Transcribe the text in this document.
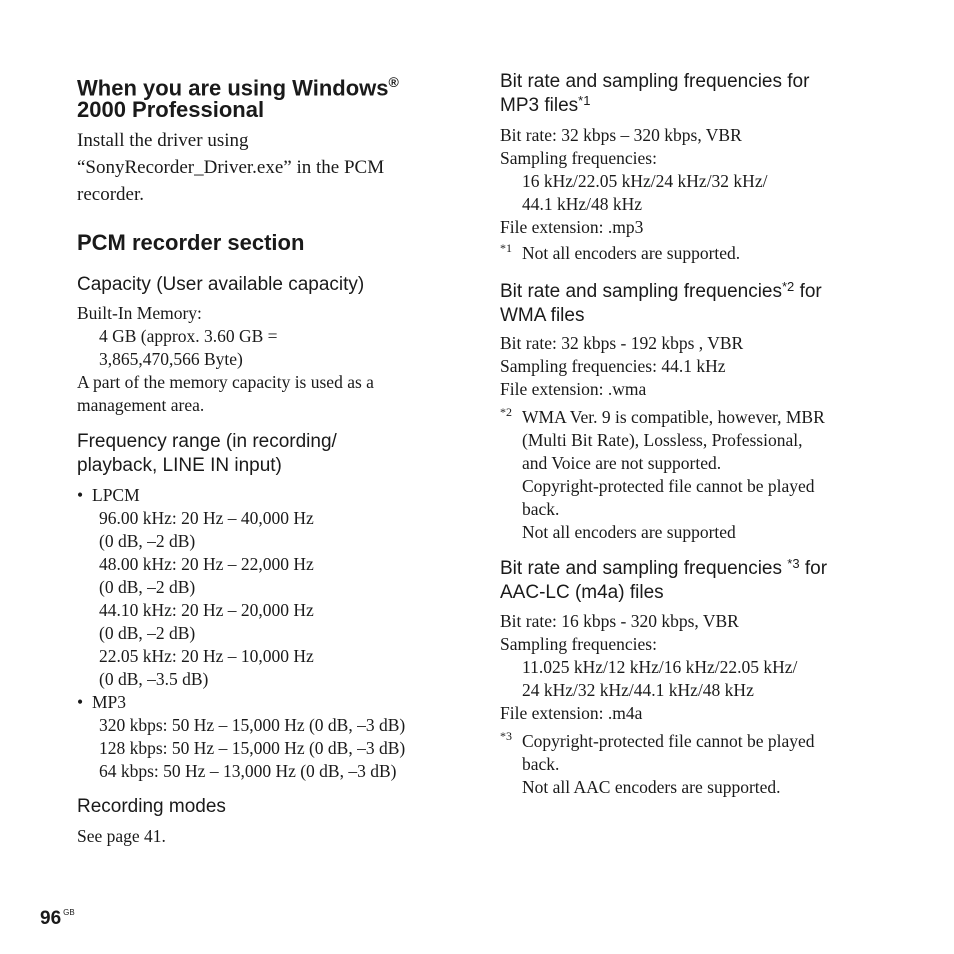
When you are using Windows®
2000 Professional
Install the driver using
“SonyRecorder_Driver.exe” in the PCM
recorder.
PCM recorder section
Capacity (User available capacity)
Built-In Memory:
4 GB (approx. 3.60 GB =
3,865,470,566 Byte)
A part of the memory capacity is used as a
management area.
Frequency range (in recording/
playback, LINE IN input)
• LPCM
96.00 kHz: 20 Hz – 40,000 Hz
(0 dB, –2 dB)
48.00 kHz: 20 Hz – 22,000 Hz
(0 dB, –2 dB)
44.10 kHz: 20 Hz – 20,000 Hz
(0 dB, –2 dB)
22.05 kHz: 20 Hz – 10,000 Hz
(0 dB, –3.5 dB)
• MP3
320 kbps: 50 Hz – 15,000 Hz (0 dB, –3 dB)
128 kbps: 50 Hz – 15,000 Hz (0 dB, –3 dB)
64 kbps: 50 Hz – 13,000 Hz (0 dB, –3 dB)
Recording modes
See page 41.
Bit rate and sampling frequencies for
MP3 files$^{*1}$
Bit rate: 32 kbps – 320 kbps, VBR
Sampling frequencies:
16 kHz/22.05 kHz/24 kHz/32 kHz/
44.1 kHz/48 kHz
File extension: .mp3
*1 Not all encoders are supported.
Bit rate and sampling frequencies$^{*2}$ for
WMA files
Bit rate: 32 kbps - 192 kbps , VBR
Sampling frequencies: 44.1 kHz
File extension: .wma
*2 WMA Ver. 9 is compatible, however, MBR
(Multi Bit Rate), Lossless, Professional,
and Voice are not supported.
Copyright-protected file cannot be played
back.
Not all encoders are supported
Bit rate and sampling frequencies $^{*3}$ for
AAC-LC (m4a) files
Bit rate: 16 kbps - 320 kbps, VBR
Sampling frequencies:
11.025 kHz/12 kHz/16 kHz/22.05 kHz/
24 kHz/32 kHz/44.1 kHz/48 kHz
File extension: .m4a
*3 Copyright-protected file cannot be played
back.
Not all AAC encoders are supported.
96 $^{GB}$
